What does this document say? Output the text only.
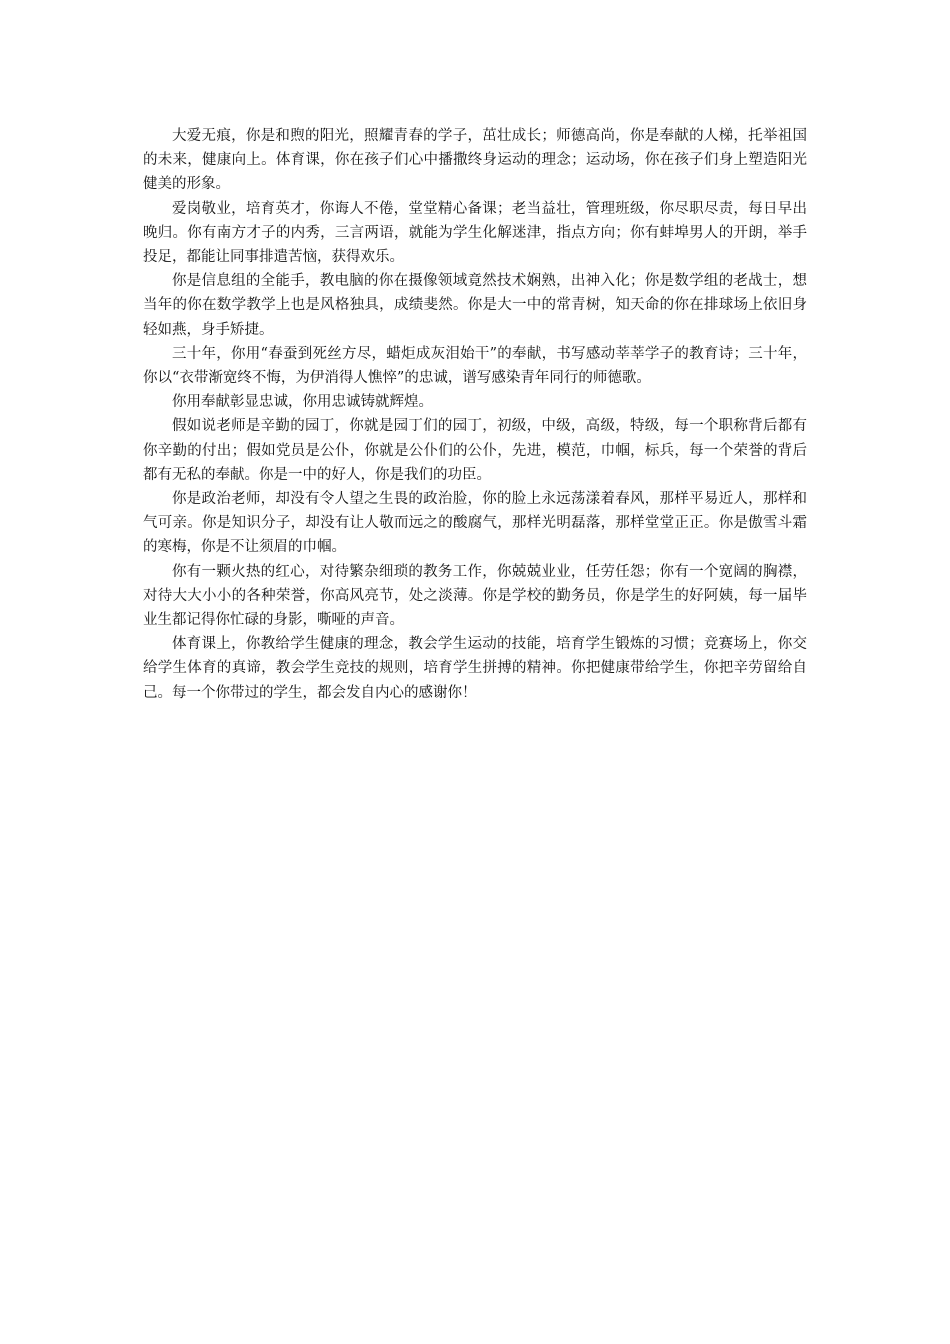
大爱无痕，你是和煦的阳光，照耀青春的学子，茁壮成长；师德高尚，你是奉献的人梯，托举祖国的未来，健康向上。体育课，你在孩子们心中播撒终身运动的理念；运动场，你在孩子们身上塑造阳光健美的形象。

爱岗敬业，培育英才，你诲人不倦，堂堂精心备课；老当益壮，管理班级，你尽职尽责，每日早出晚归。你有南方才子的内秀，三言两语，就能为学生化解迷津，指点方向；你有蚌埠男人的开朗，举手投足，都能让同事排遣苦恼，获得欢乐。

你是信息组的全能手，教电脑的你在摄像领域竟然技术娴熟，出神入化；你是数学组的老战士，想当年的你在数学教学上也是风格独具，成绩斐然。你是大一中的常青树，知天命的你在排球场上依旧身轻如燕，身手矫捷。

三十年，你用“春蚕到死丝方尽，蜡炬成灰泪始干”的奉献，书写感动莘莘学子的教育诗；三十年，你以“衣带渐宽终不悔，为伊消得人憔悴”的忠诚，谱写感染青年同行的师德歌。

你用奉献彰显忠诚，你用忠诚铸就辉煌。

假如说老师是辛勤的园丁，你就是园丁们的园丁，初级，中级，高级，特级，每一个职称背后都有你辛勤的付出；假如党员是公仆，你就是公仆们的公仆，先进，模范，巾帼，标兵，每一个荣誉的背后都有无私的奉献。你是一中的好人，你是我们的功臣。

你是政治老师，却没有令人望之生畏的政治脸，你的脸上永远荡漾着春风，那样平易近人，那样和气可亲。你是知识分子，却没有让人敬而远之的酸腐气，那样光明磊落，那样堂堂正正。你是傲雪斗霜的寒梅，你是不让须眉的巾帼。

你有一颗火热的红心，对待繁杂细琐的教务工作，你兢兢业业，任劳任怨；你有一个宽阔的胸襟，对待大大小小的各种荣誉，你高风亮节，处之淡薄。你是学校的勤务员，你是学生的好阿姨，每一届毕业生都记得你忙碌的身影，嘶哑的声音。

体育课上，你教给学生健康的理念，教会学生运动的技能，培育学生锻炼的习惯；竞赛场上，你交给学生体育的真谛，教会学生竞技的规则，培育学生拼搏的精神。你把健康带给学生，你把辛劳留给自己。每一个你带过的学生，都会发自内心的感谢你！
